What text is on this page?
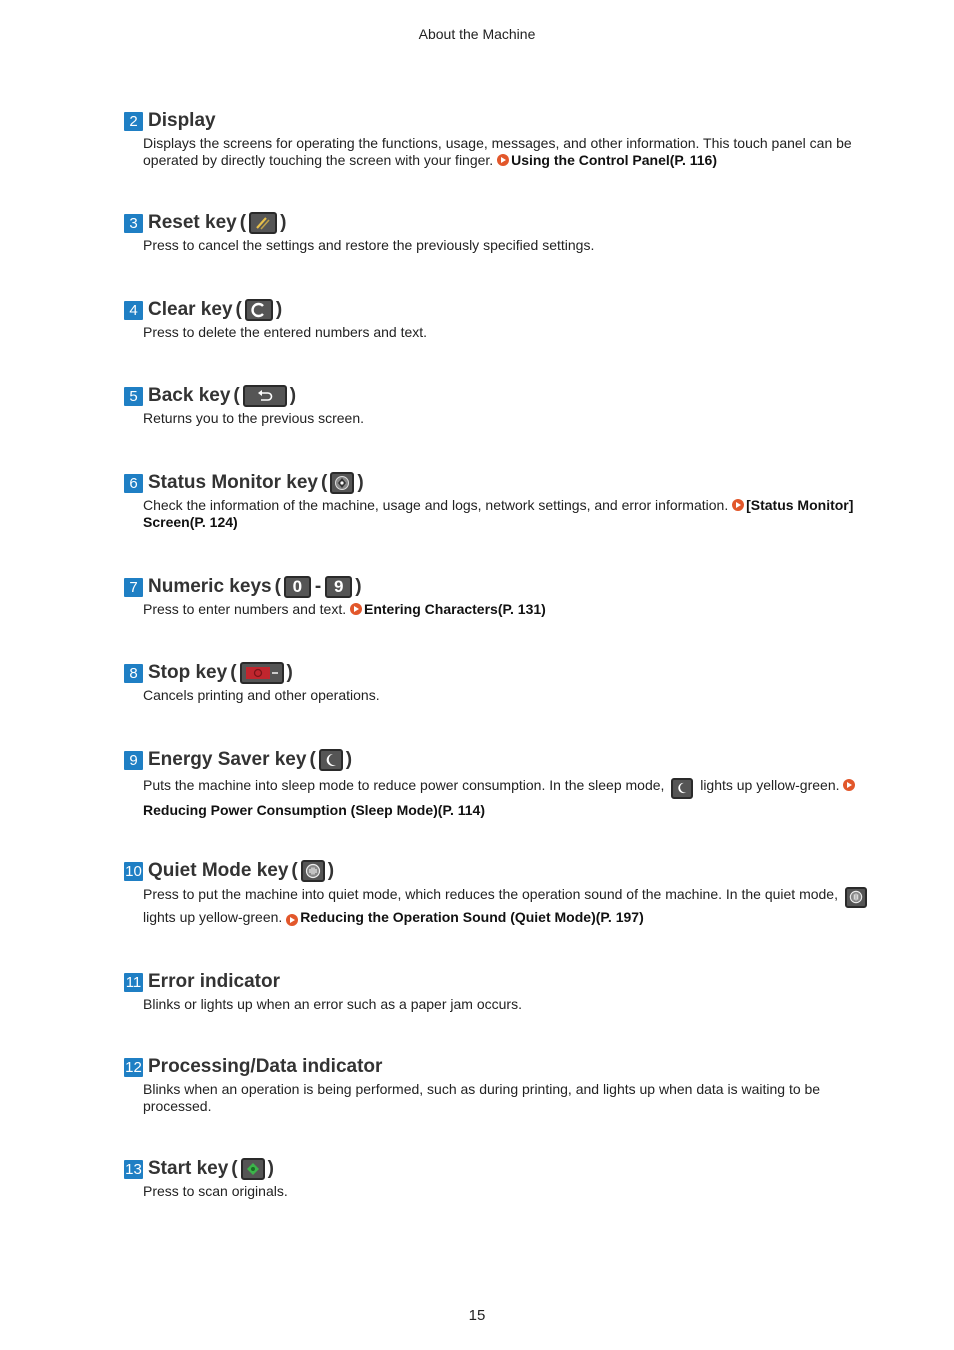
About the Machine
2 Display
Displays the screens for operating the functions, usage, messages, and other information. This touch panel can be operated by directly touching the screen with your finger. Using the Control Panel(P. 116)
3 Reset key ( )
Press to cancel the settings and restore the previously specified settings.
4 Clear key ( )
Press to delete the entered numbers and text.
5 Back key (	)
Returns you to the previous screen.
6 Status Monitor key ( )
Check the information of the machine, usage and logs, network settings, and error information. [Status Monitor] Screen(P. 124)
7 Numeric keys ( 0 - 9 )
Press to enter numbers and text. Entering Characters(P. 131)
8 Stop key (	)
Cancels printing and other operations.
9 Energy Saver key ( )
Puts the machine into sleep mode to reduce power consumption. In the sleep mode,
lights up yellow-green. Reducing Power Consumption (Sleep Mode)(P. 114)
10 Quiet Mode key ( )
Press to put the machine into quiet mode, which reduces the operation sound of the machine. In the quiet mode,
lights up yellow-green. Reducing the Operation Sound (Quiet Mode)(P. 197)
11 Error indicator
Blinks or lights up when an error such as a paper jam occurs.
12 Processing/Data indicator
Blinks when an operation is being performed, such as during printing, and lights up when data is waiting to be processed.
13 Start key ( )
Press to scan originals.
15
